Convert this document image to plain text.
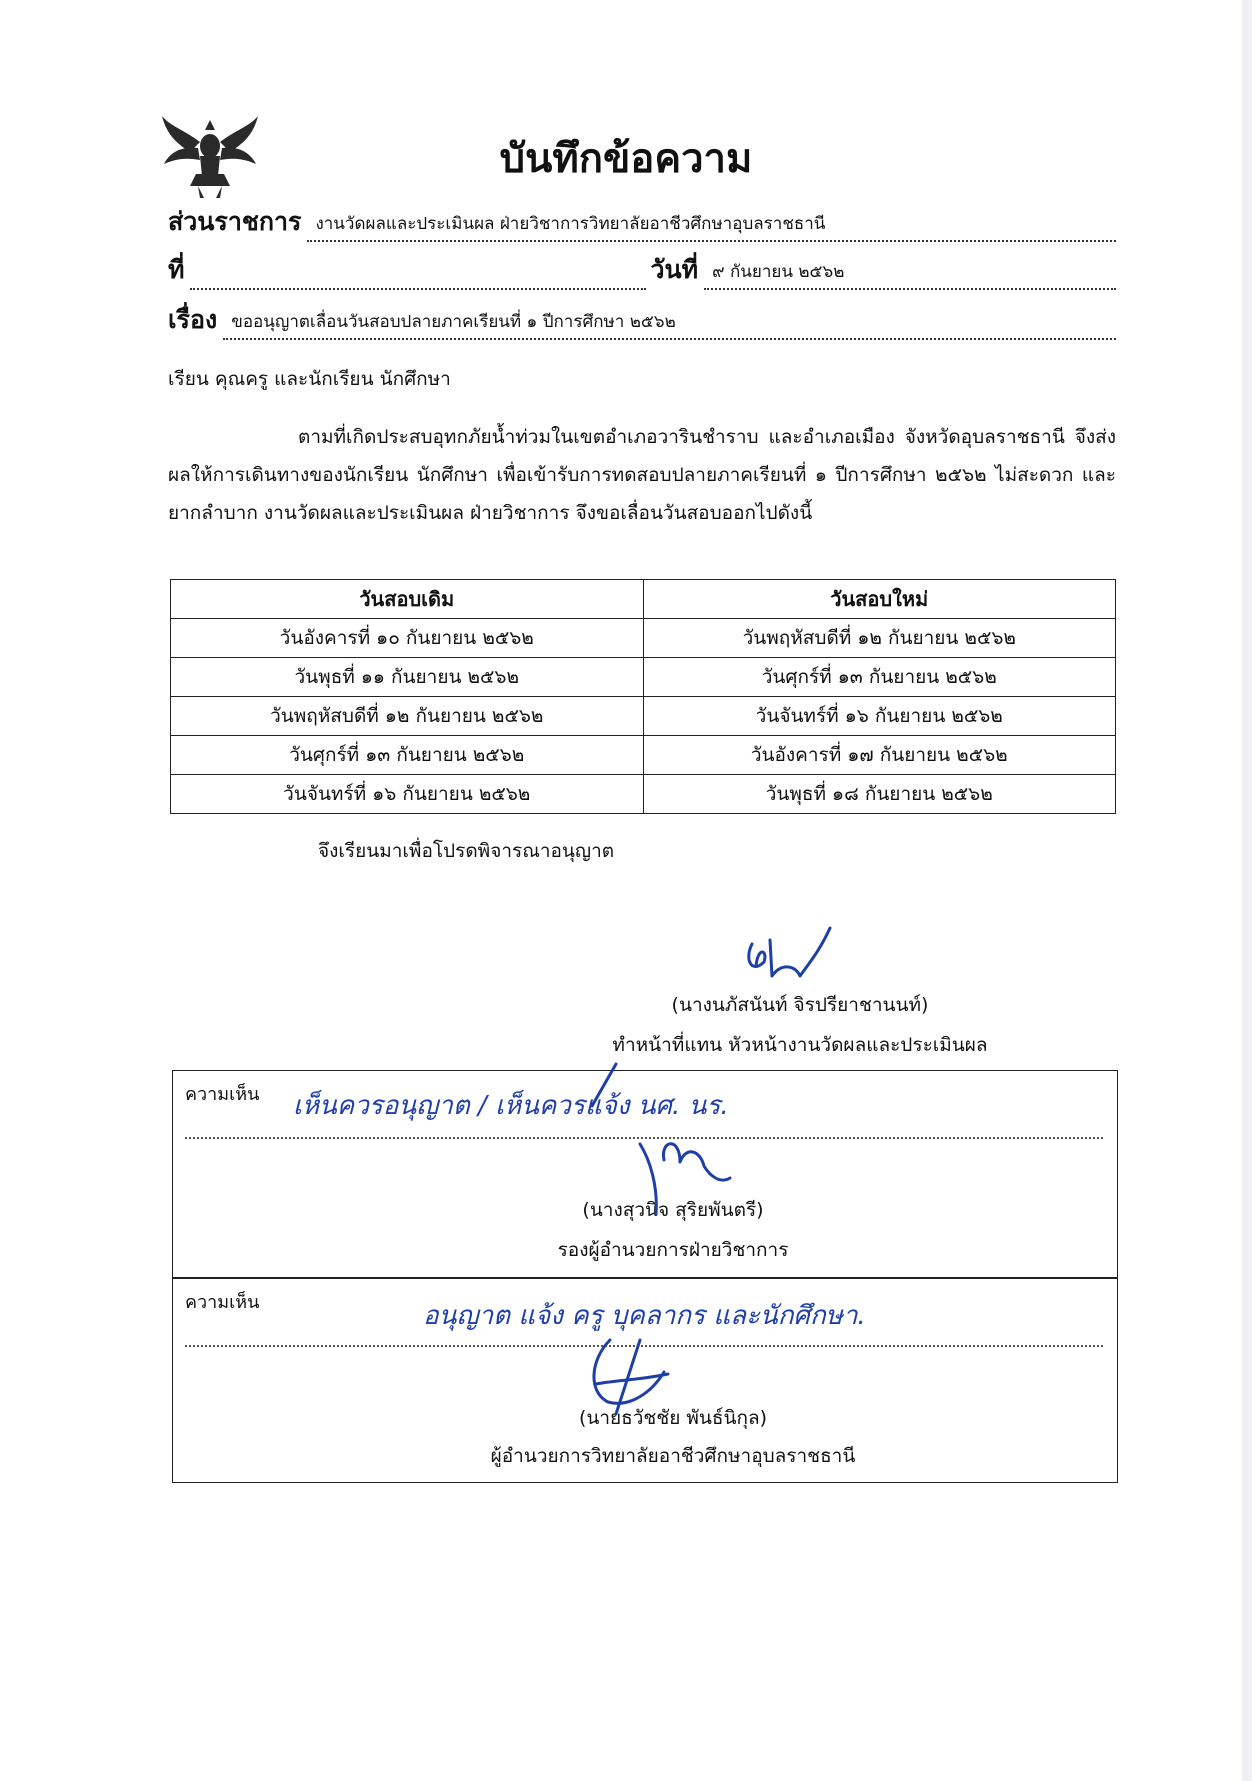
บันทึกข้อความ
ส่วนราชการ งานวัดผลและประเมินผล ฝ่ายวิชาการวิทยาลัยอาชีวศึกษาอุบลราชธานี
ที่	วันที่ ๙ กันยายน ๒๕๖๒
เรื่อง ขออนุญาตเลื่อนวันสอบปลายภาคเรียนที่ ๑ ปีการศึกษา ๒๕๖๒
เรียน คุณครู และนักเรียน นักศึกษา

ตามที่เกิดประสบอุทกภัยน้ำท่วมในเขตอำเภอวารินชำราบ และอำเภอเมือง จังหวัดอุบลราชธานี จึงส่งผลให้การเดินทางของนักเรียน นักศึกษา เพื่อเข้ารับการทดสอบปลายภาคเรียนที่ ๑ ปีการศึกษา ๒๕๖๒ ไม่สะดวก และยากลำบาก งานวัดผลและประเมินผล ฝ่ายวิชาการ จึงขอเลื่อนวันสอบออกไปดังนี้

วันสอบเดิม	วันสอบใหม่
วันอังคารที่ ๑๐ กันยายน ๒๕๖๒	วันพฤหัสบดีที่ ๑๒ กันยายน ๒๕๖๒
วันพุธที่ ๑๑ กันยายน ๒๕๖๒	วันศุกร์ที่ ๑๓ กันยายน ๒๕๖๒
วันพฤหัสบดีที่ ๑๒ กันยายน ๒๕๖๒	วันจันทร์ที่ ๑๖ กันยายน ๒๕๖๒
วันศุกร์ที่ ๑๓ กันยายน ๒๕๖๒	วันอังคารที่ ๑๗ กันยายน ๒๕๖๒
วันจันทร์ที่ ๑๖ กันยายน ๒๕๖๒	วันพุธที่ ๑๘ กันยายน ๒๕๖๒
จึงเรียนมาเพื่อโปรดพิจารณาอนุญาต
(นางนภัสนันท์ จิรปรียาชานนท์)
ทำหน้าที่แทน หัวหน้างานวัดผลและประเมินผล
ความเห็น เห็นควรอนุญาต / เห็นควรแจ้ง นศ. นร.
(นางสุวนิจ สุริยพันตรี)
รองผู้อำนวยการฝ่ายวิชาการ
ความเห็น	อนุญาต แจ้ง ครู บุคลากร และนักศึกษา.
(นายธวัชชัย พันธ์นิกุล)
ผู้อำนวยการวิทยาลัยอาชีวศึกษาอุบลราชธานี
